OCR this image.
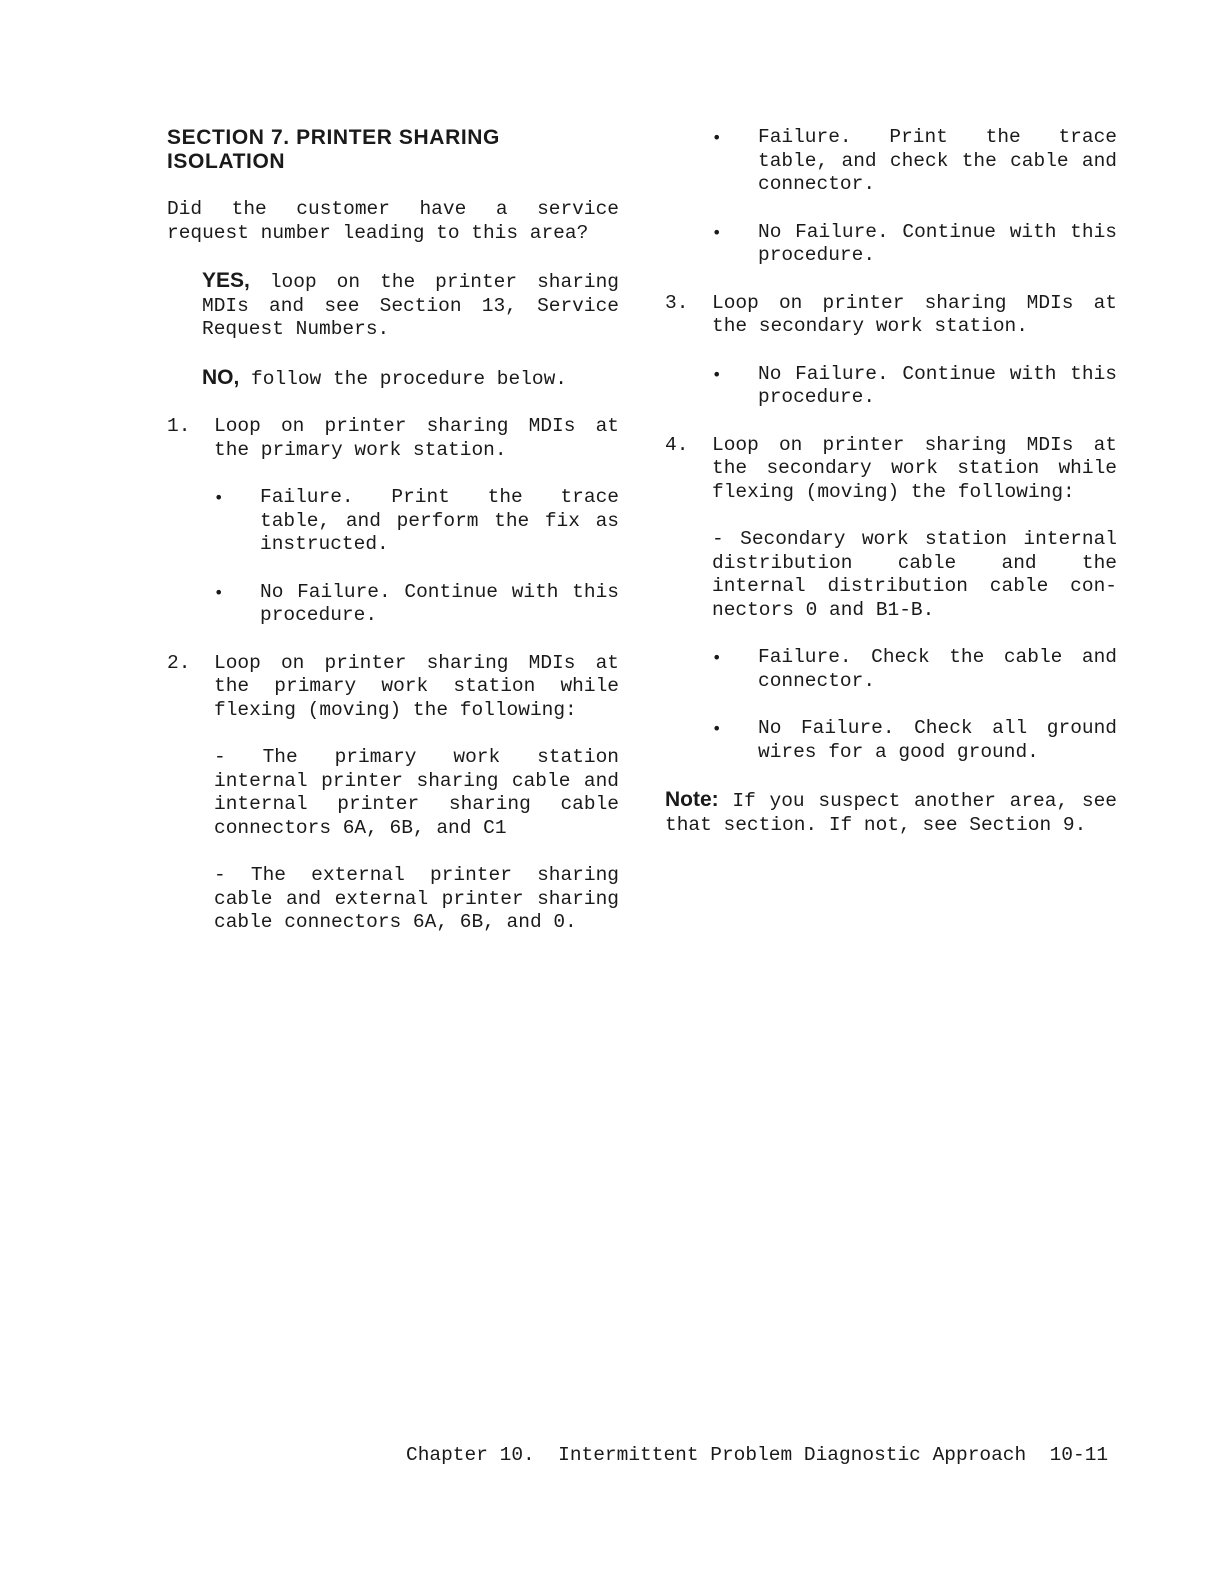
SECTION 7. PRINTER SHARING
ISOLATION

Did the customer have a service request number leading to this area?

YES, loop on the printer sharing MDIs and see Section 13, Service Request Numbers.

NO, follow the procedure below.

1. Loop on printer sharing MDIs at the primary work station.

• Failure. Print the trace table, and perform the fix as instructed.

• No Failure. Continue with this procedure.

2. Loop on printer sharing MDIs at the primary work station while flexing (moving) the following:

- The primary work station internal printer sharing cable and internal printer sharing cable connectors 6A, 6B, and C1

- The external printer sharing cable and external printer sharing cable connectors 6A, 6B, and 0.

• Failure. Print the trace table, and check the cable and connector.

• No Failure. Continue with this procedure.

3. Loop on printer sharing MDIs at the secondary work station.

• No Failure. Continue with this procedure.

4. Loop on printer sharing MDIs at the secondary work station while flexing (moving) the following:

- Secondary work station internal distribution cable and the internal distribution cable con-nectors 0 and B1-B.

• Failure. Check the cable and connector.

• No Failure. Check all ground wires for a good ground.

Note: If you suspect another area, see that section. If not, see Section 9.

Chapter 10.  Intermittent Problem Diagnostic Approach  10-11
